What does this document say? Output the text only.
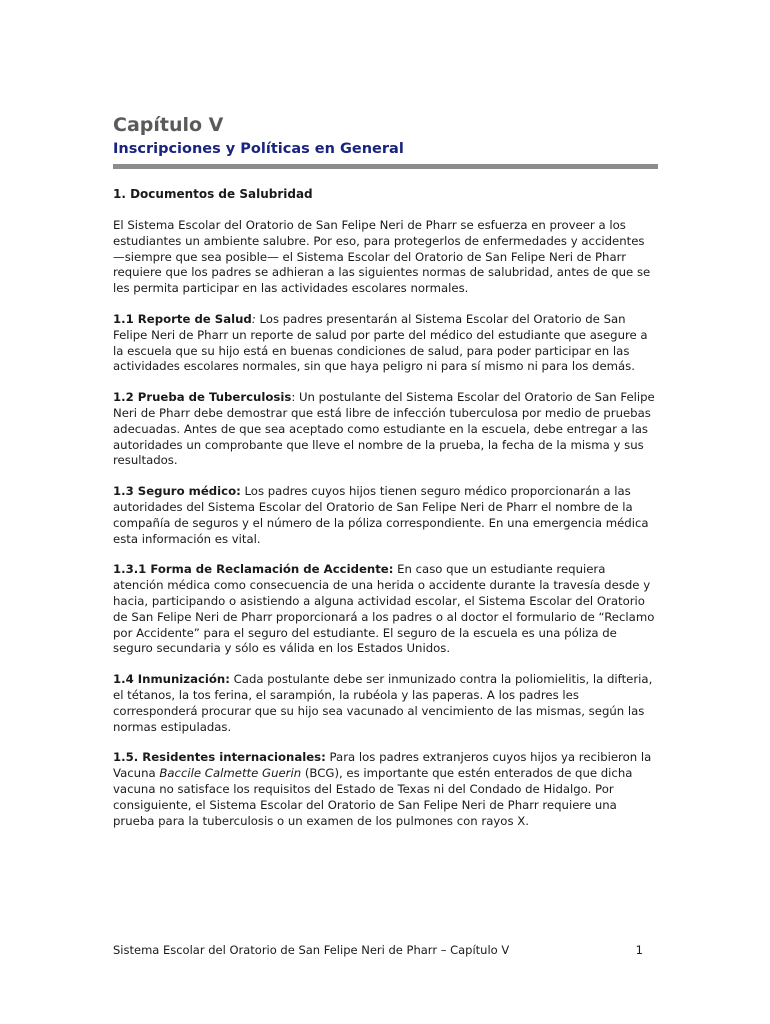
Capítulo V
Inscripciones y Políticas en General
1. Documentos de Salubridad

El Sistema Escolar del Oratorio de San Felipe Neri de Pharr se esfuerza en proveer a los estudiantes un ambiente salubre. Por eso, para protegerlos de enfermedades y accidentes —siempre que sea posible— el Sistema Escolar del Oratorio de San Felipe Neri de Pharr requiere que los padres se adhieran a las siguientes normas de salubridad, antes de que se les permita participar en las actividades escolares normales.

1.1 Reporte de Salud: Los padres presentarán al Sistema Escolar del Oratorio de San Felipe Neri de Pharr un reporte de salud por parte del médico del estudiante que asegure a la escuela que su hijo está en buenas condiciones de salud, para poder participar en las actividades escolares normales, sin que haya peligro ni para sí mismo ni para los demás.

1.2 Prueba de Tuberculosis: Un postulante del Sistema Escolar del Oratorio de San Felipe Neri de Pharr debe demostrar que está libre de infección tuberculosa por medio de pruebas adecuadas. Antes de que sea aceptado como estudiante en la escuela, debe entregar a las autoridades un comprobante que lleve el nombre de la prueba, la fecha de la misma y sus resultados.

1.3 Seguro médico: Los padres cuyos hijos tienen seguro médico proporcionarán a las autoridades del Sistema Escolar del Oratorio de San Felipe Neri de Pharr el nombre de la compañía de seguros y el número de la póliza correspondiente. En una emergencia médica esta información es vital.

1.3.1 Forma de Reclamación de Accidente: En caso que un estudiante requiera atención médica como consecuencia de una herida o accidente durante la travesía desde y hacia, participando o asistiendo a alguna actividad escolar, el Sistema Escolar del Oratorio de San Felipe Neri de Pharr proporcionará a los padres o al doctor el formulario de “Reclamo por Accidente” para el seguro del estudiante. El seguro de la escuela es una póliza de seguro secundaria y sólo es válida en los Estados Unidos.

1.4 Inmunización: Cada postulante debe ser inmunizado contra la poliomielitis, la difteria, el tétanos, la tos ferina, el sarampión, la rubéola y las paperas. A los padres les corresponderá procurar que su hijo sea vacunado al vencimiento de las mismas, según las normas estipuladas.

1.5. Residentes internacionales: Para los padres extranjeros cuyos hijos ya recibieron la Vacuna Baccile Calmette Guerin (BCG), es importante que estén enterados de que dicha vacuna no satisface los requisitos del Estado de Texas ni del Condado de Hidalgo. Por consiguiente, el Sistema Escolar del Oratorio de San Felipe Neri de Pharr requiere una prueba para la tuberculosis o un examen de los pulmones con rayos X.

Sistema Escolar del Oratorio de San Felipe Neri de Pharr – Capítulo V	1
